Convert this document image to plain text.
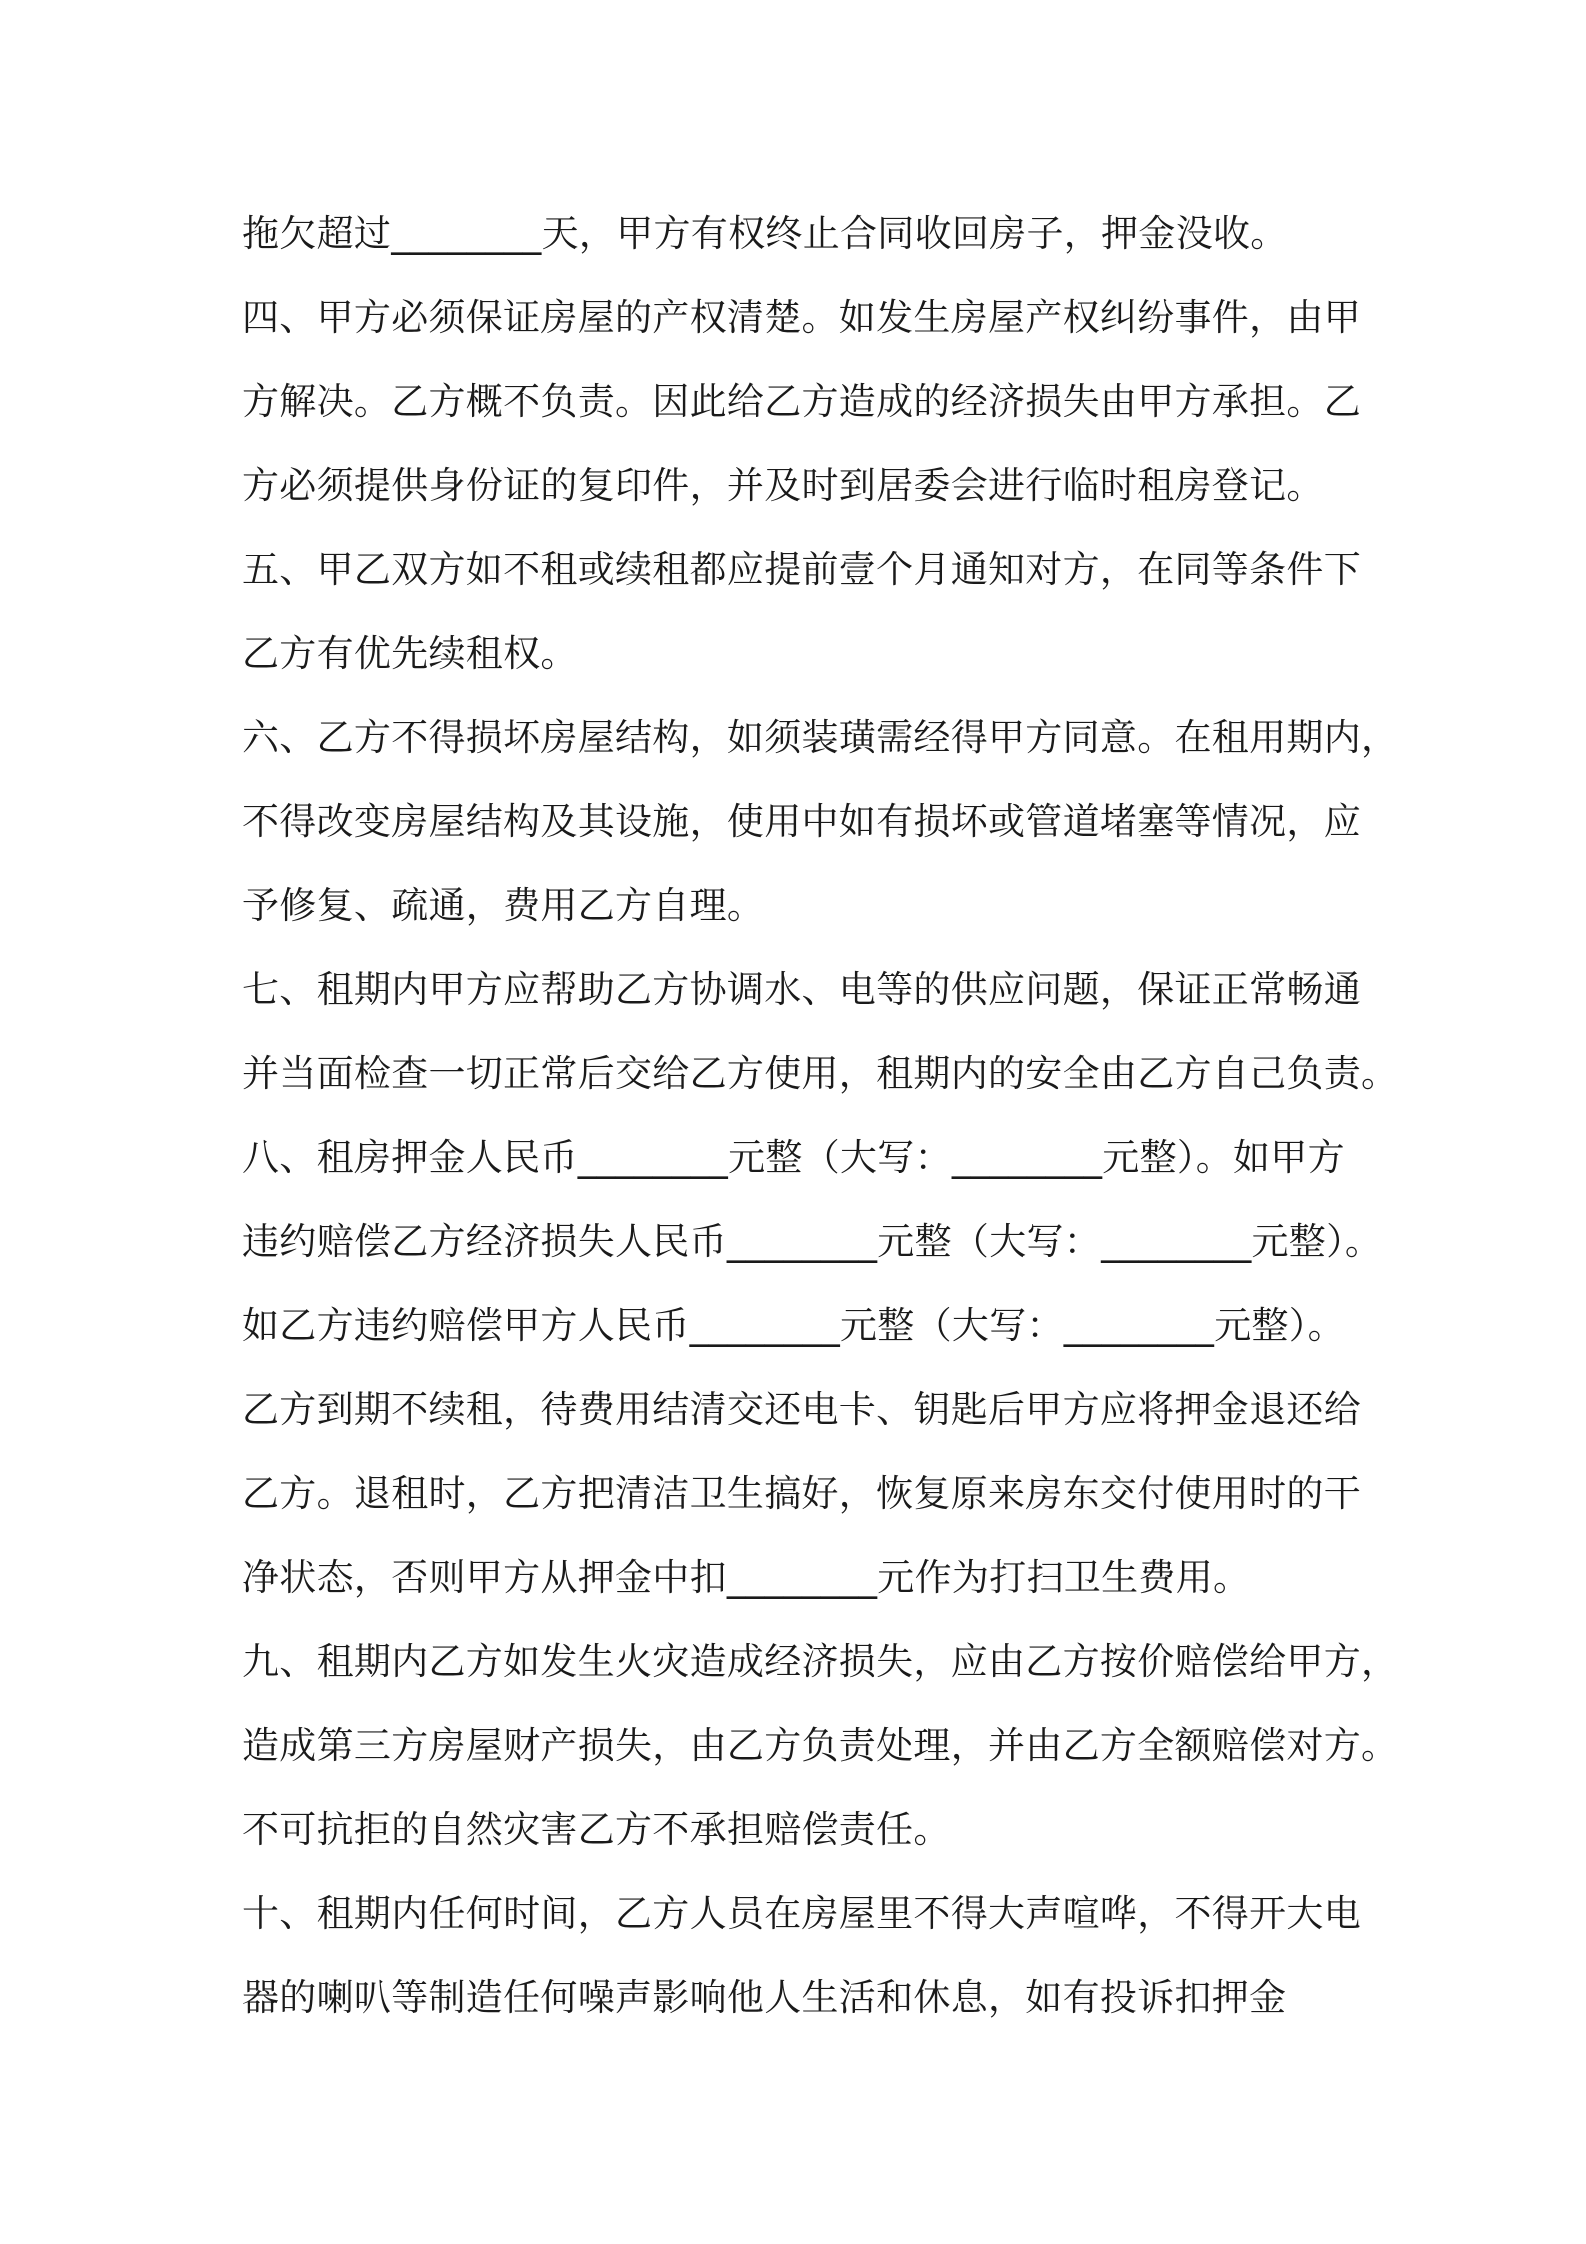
拖欠超过________天，甲方有权终止合同收回房子，押金没收。
四、甲方必须保证房屋的产权清楚。如发生房屋产权纠纷事件，由甲
方解决。乙方概不负责。因此给乙方造成的经济损失由甲方承担。乙
方必须提供身份证的复印件，并及时到居委会进行临时租房登记。
五、甲乙双方如不租或续租都应提前壹个月通知对方，在同等条件下
乙方有优先续租权。
六、乙方不得损坏房屋结构，如须装璜需经得甲方同意。在租用期内，
不得改变房屋结构及其设施，使用中如有损坏或管道堵塞等情况，应
予修复、疏通，费用乙方自理。
七、租期内甲方应帮助乙方协调水、电等的供应问题，保证正常畅通
并当面检查一切正常后交给乙方使用，租期内的安全由乙方自己负责。
八、租房押金人民币________元整（大写：________元整）。如甲方
违约赔偿乙方经济损失人民币________元整（大写：________元整）。
如乙方违约赔偿甲方人民币________元整（大写：________元整）。
乙方到期不续租，待费用结清交还电卡、钥匙后甲方应将押金退还给
乙方。退租时，乙方把清洁卫生搞好，恢复原来房东交付使用时的干
净状态，否则甲方从押金中扣________元作为打扫卫生费用。
九、租期内乙方如发生火灾造成经济损失，应由乙方按价赔偿给甲方，
造成第三方房屋财产损失，由乙方负责处理，并由乙方全额赔偿对方。
不可抗拒的自然灾害乙方不承担赔偿责任。
十、租期内任何时间，乙方人员在房屋里不得大声喧哗，不得开大电
器的喇叭等制造任何噪声影响他人生活和休息，如有投诉扣押金
